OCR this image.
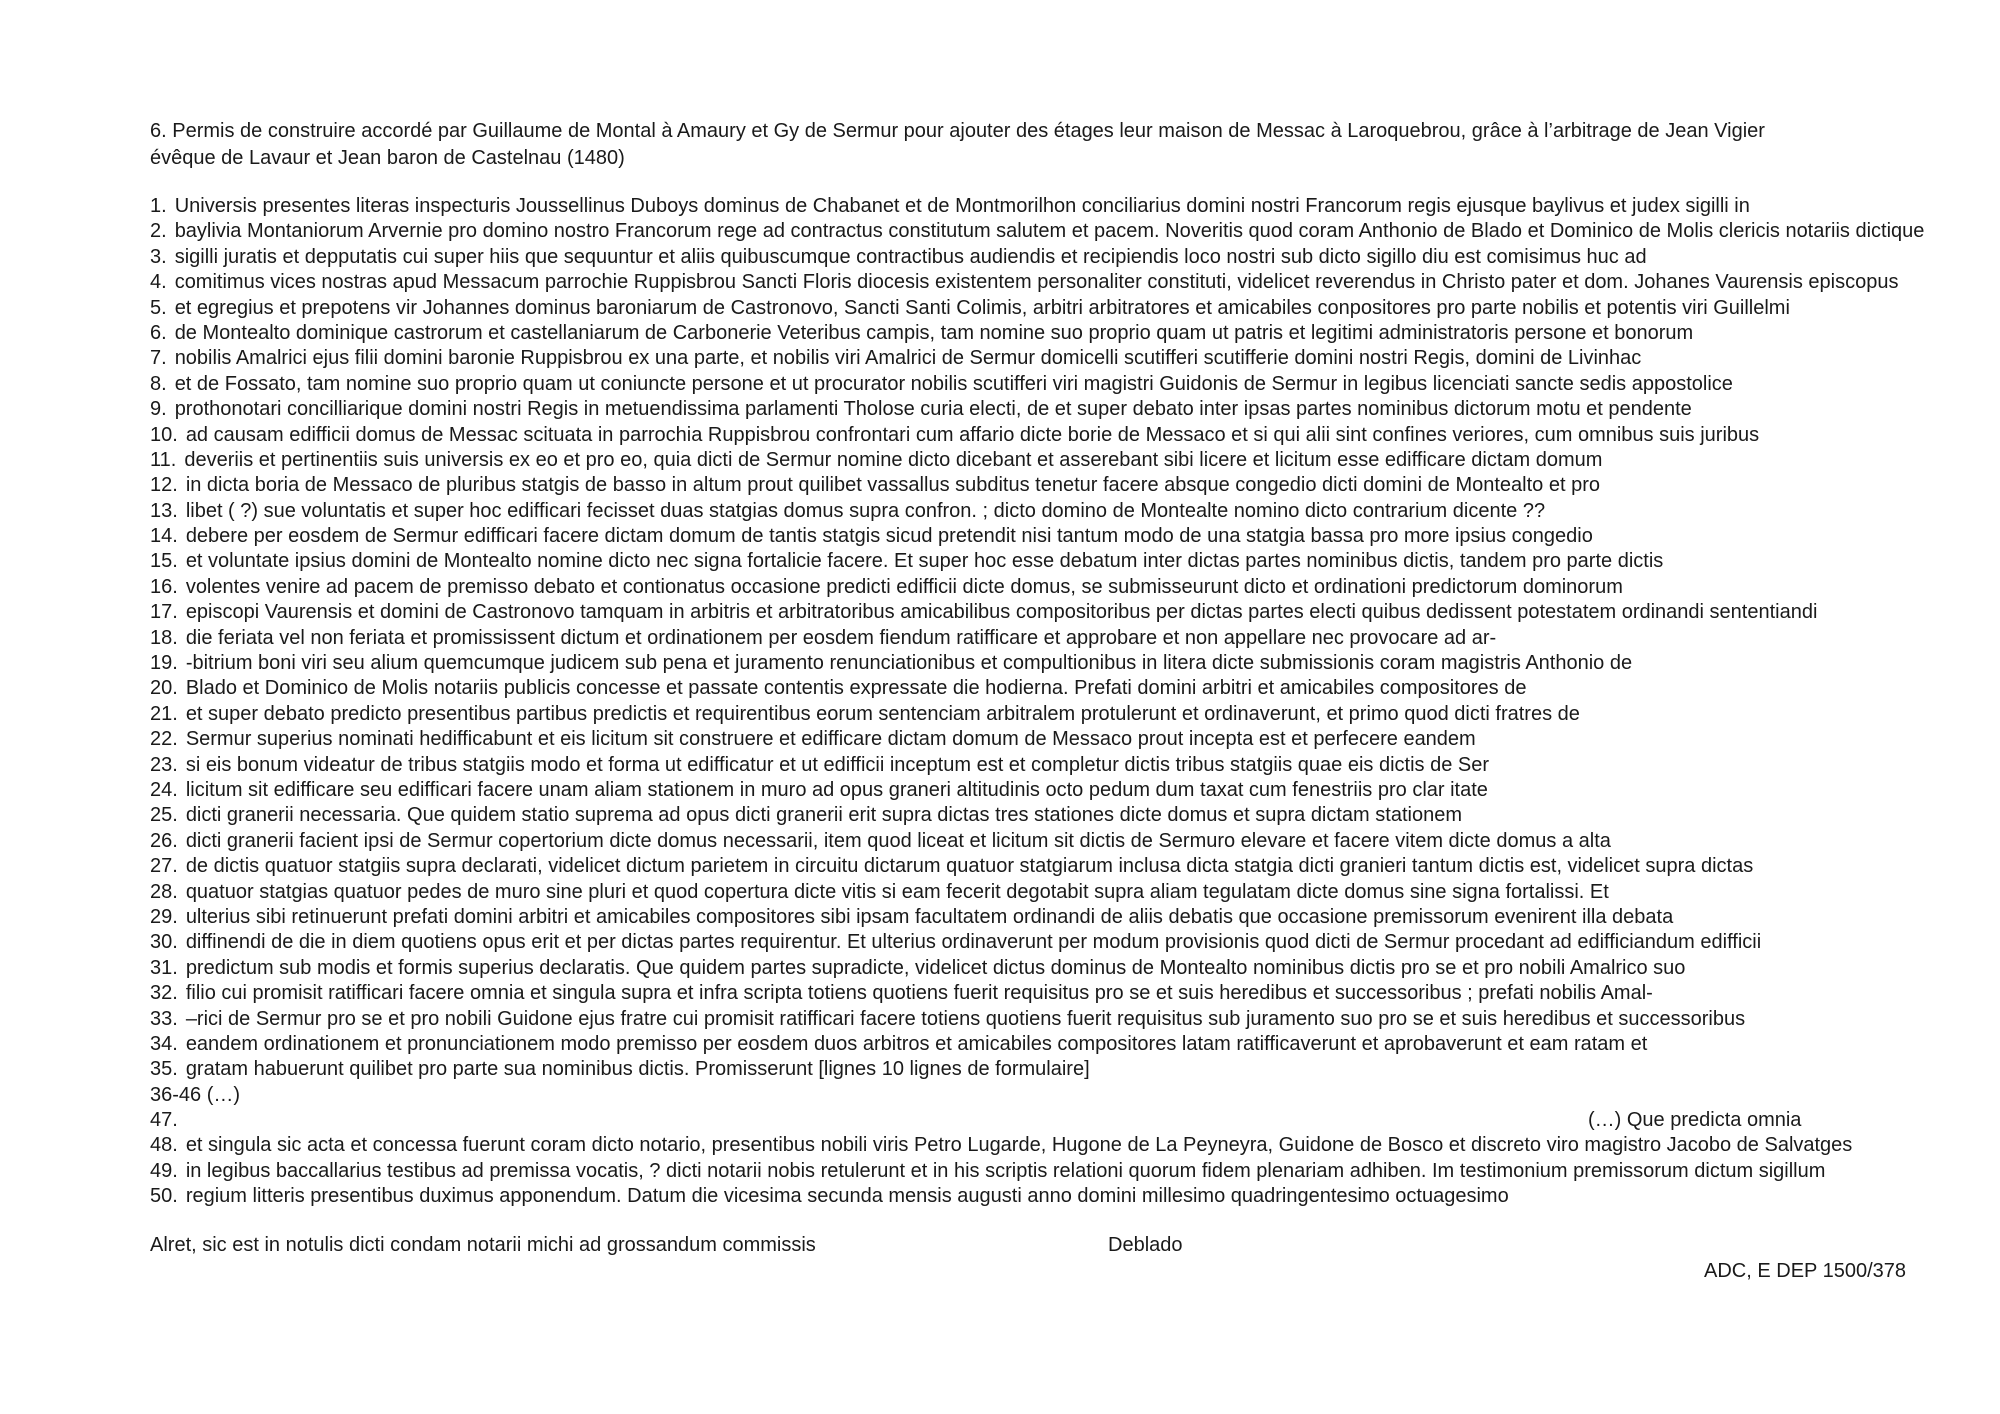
6. Permis de construire accordé par Guillaume de Montal à Amaury et Gy de Sermur pour ajouter des étages leur maison de Messac à Laroquebrou, grâce à l’arbitrage de Jean Vigier
évêque de Lavaur et Jean baron de Castelnau (1480)
1. Universis presentes literas inspecturis Joussellinus Duboys dominus de Chabanet et de Montmorilhon conciliarius domini nostri Francorum regis ejusque baylivus et judex sigilli in
2. baylivia Montaniorum Arvernie pro domino nostro Francorum rege ad contractus constitutum salutem et pacem. Noveritis quod coram Anthonio de Blado et Dominico de Molis clericis notariis dictique
3. sigilli juratis et depputatis cui super hiis que sequuntur et aliis quibuscumque contractibus audiendis et recipiendis loco nostri sub dicto sigillo diu est comisimus huc ad
4. comitimus vices nostras apud Messacum parrochie Ruppisbrou Sancti Floris diocesis existentem personaliter constituti, videlicet reverendus in Christo pater et dom. Johanes Vaurensis episcopus
5. et egregius et prepotens vir Johannes dominus baroniarum de Castronovo, Sancti Santi Colimis, arbitri arbitratores et amicabiles conpositores pro parte nobilis et potentis viri Guillelmi
6. de Montealto dominique castrorum et castellaniarum de Carbonerie Veteribus campis, tam nomine suo proprio quam ut patris et legitimi administratoris persone et bonorum
7. nobilis Amalrici ejus filii domini baronie Ruppisbrou ex una parte, et nobilis viri Amalrici de Sermur domicelli scutifferi scutifferie domini nostri Regis, domini de Livinhac
8. et de Fossato, tam nomine suo proprio quam ut coniuncte persone et ut procurator nobilis scutifferi viri magistri Guidonis de Sermur in legibus licenciati sancte sedis appostolice
9. prothonotari concilliarique domini nostri Regis in metuendissima parlamenti Tholose curia electi, de et super debato inter ipsas partes nominibus dictorum motu et pendente
10. ad causam edifficii domus de Messac scituata in parrochia Ruppisbrou confrontari cum affario dicte borie de Messaco et si qui alii sint confines veriores, cum omnibus suis juribus
11. deveriis et pertinentiis suis universis ex eo et pro eo, quia dicti de Sermur nomine dicto dicebant et asserebant sibi licere et licitum esse edifficare dictam domum
12. in dicta boria de Messaco de pluribus statgis de basso in altum prout quilibet vassallus subditus tenetur facere absque congedio dicti domini de Montealto et pro
13. libet ( ?) sue voluntatis et super hoc edifficari fecisset duas statgias domus supra confron. ; dicto domino de Montealte nomino dicto contrarium dicente ??
14. debere per eosdem de Sermur edifficari facere dictam domum de tantis statgis sicud pretendit nisi tantum modo de una statgia bassa pro more ipsius congedio
15. et voluntate ipsius domini de Montealto nomine dicto nec signa fortalicie facere. Et super hoc esse debatum inter dictas partes nominibus dictis, tandem pro parte dictis
16. volentes venire ad pacem de premisso debato et contionatus occasione predicti edifficii dicte domus, se submisseurunt dicto et ordinationi predictorum dominorum
17. episcopi Vaurensis et domini de Castronovo tamquam in arbitris et arbitratoribus amicabilibus compositoribus per dictas partes electi quibus dedissent potestatem ordinandi sententiandi
18. die feriata vel non feriata et promississent dictum et ordinationem per eosdem fiendum ratifficare et approbare et non appellare nec provocare ad ar-
19. -bitrium boni viri seu alium quemcumque judicem sub pena et juramento renunciationibus et compultionibus in litera dicte submissionis coram magistris Anthonio de
20. Blado et Dominico de Molis notariis publicis concesse et passate contentis expressate die hodierna. Prefati domini arbitri et amicabiles compositores de
21. et super debato predicto presentibus partibus predictis et requirentibus eorum sentenciam arbitralem protulerunt et ordinaverunt, et primo quod dicti fratres de
22. Sermur superius nominati hedifficabunt et eis licitum sit construere et edifficare dictam domum de Messaco prout incepta est et perfecere eandem
23. si eis bonum videatur de tribus statgiis modo et forma ut edifficatur et ut edifficii inceptum est et completur dictis tribus statgiis quae eis dictis de Ser
24. licitum sit edifficare seu edifficari facere unam aliam stationem in muro ad opus graneri altitudinis octo pedum dum taxat cum fenestriis pro clar itate
25. dicti granerii necessaria. Que quidem statio suprema ad opus dicti granerii erit supra dictas tres stationes dicte domus et supra dictam stationem
26. dicti granerii facient ipsi de Sermur copertorium dicte domus necessarii, item quod liceat et licitum sit dictis de Sermuro elevare et facere vitem dicte domus a alta
27. de dictis quatuor statgiis supra declarati, videlicet dictum parietem in circuitu dictarum quatuor statgiarum inclusa dicta statgia dicti granieri tantum dictis est, videlicet supra dictas
28. quatuor statgias quatuor pedes de muro sine pluri et quod copertura dicte vitis si eam fecerit degotabit supra aliam tegulatam dicte domus sine signa fortalissi. Et
29. ulterius sibi retinuerunt prefati domini arbitri et amicabiles compositores sibi ipsam facultatem ordinandi de aliis debatis que occasione premissorum evenirent illa debata
30. diffinendi de die in diem quotiens opus erit et per dictas partes requirentur. Et ulterius ordinaverunt per modum provisionis quod dicti de Sermur procedant ad edifficiandum edifficii
31. predictum sub modis et formis superius declaratis. Que quidem partes supradicte, videlicet dictus dominus de Montealto nominibus dictis pro se et pro nobili Amalrico suo
32. filio cui promisit ratifficari facere omnia et singula supra et infra scripta totiens quotiens fuerit requisitus pro se et suis heredibus et successoribus ; prefati nobilis Amal-
33. –rici de Sermur pro se et pro nobili Guidone ejus fratre cui promisit ratifficari facere totiens quotiens fuerit requisitus sub juramento suo pro se et suis heredibus et successoribus
34. eandem ordinationem et pronunciationem modo premisso per eosdem duos arbitros et amicabiles compositores latam ratifficaverunt et aprobaverunt et eam ratam et
35. gratam habuerunt quilibet pro parte sua nominibus dictis. Promisserunt [lignes 10 lignes de formulaire]
36-46 (…)
47.	(…) Que predicta omnia
48. et singula sic acta et concessa fuerunt coram dicto notario, presentibus nobili viris Petro Lugarde, Hugone de La Peyneyra, Guidone de Bosco et discreto viro magistro Jacobo de Salvatges
49. in legibus baccallarius testibus ad premissa vocatis, ? dicti notarii nobis retulerunt et in his scriptis relationi quorum fidem plenariam adhiben. Im testimonium premissorum dictum sigillum
50. regium litteris presentibus duximus apponendum. Datum die vicesima secunda mensis augusti anno domini millesimo quadringentesimo octuagesimo
Alret, sic est in notulis dicti condam notarii michi ad grossandum commissis	Deblado
ADC, E DEP 1500/378
